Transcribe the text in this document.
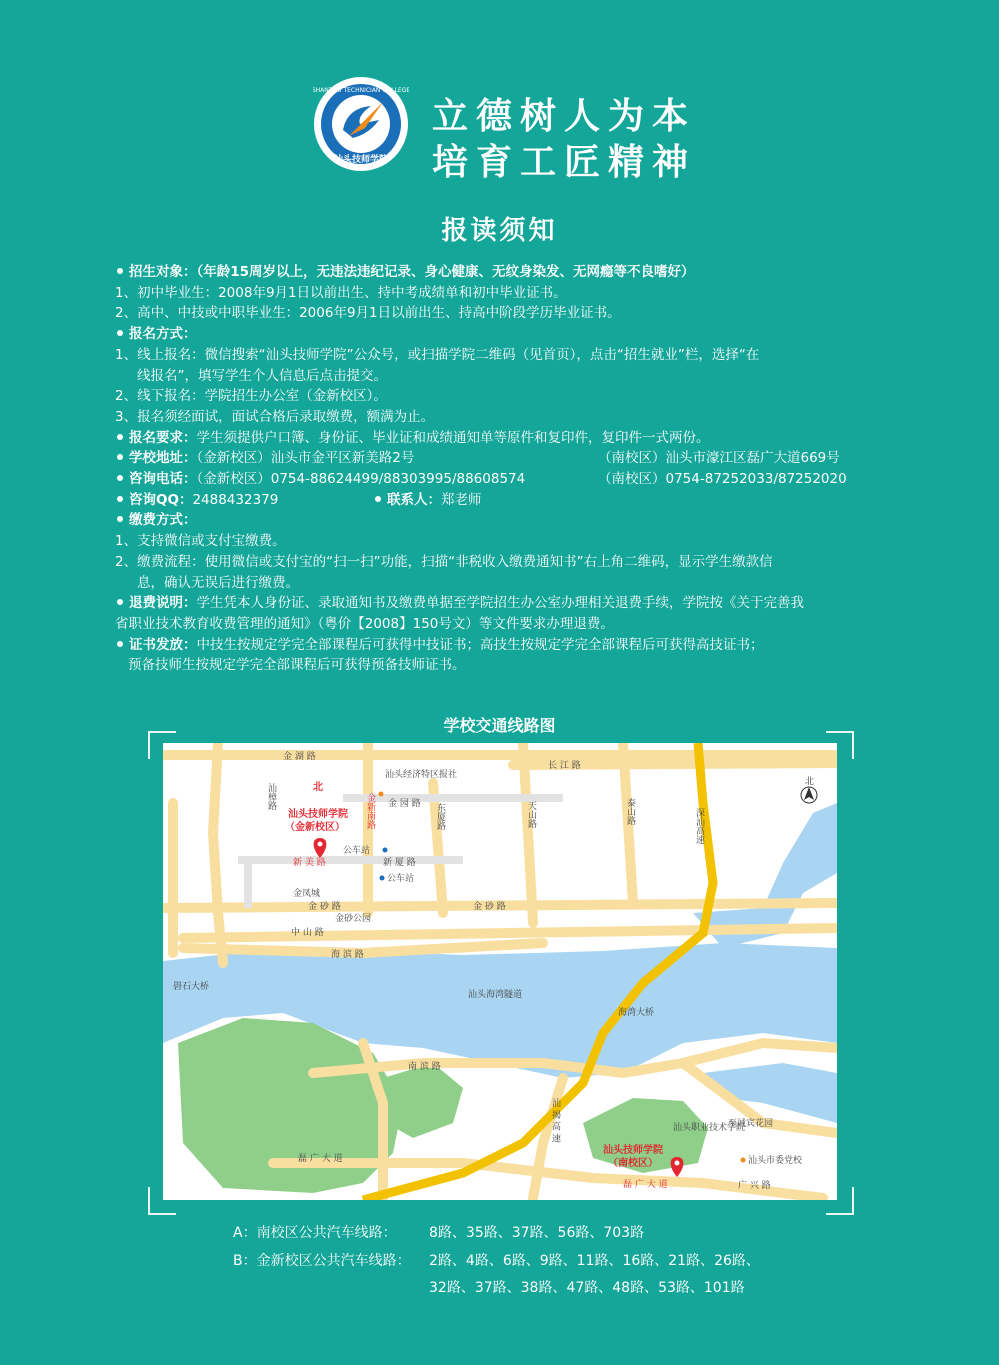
SHANTOU TECHNICIAN COLLEGE
汕头技师学院
1963
立德树人为本
培育工匠精神
报读须知
招生对象：（年龄15周岁以上，无违法违纪记录、身心健康、无纹身染发、无网瘾等不良嗜好）
1、初中毕业生：2008年9月1日以前出生、持中考成绩单和初中毕业证书。
2、高中、中技或中职毕业生：2006年9月1日以前出生、持高中阶段学历毕业证书。
报名方式：
1、线上报名：微信搜索“汕头技师学院”公众号，或扫描学院二维码（见首页），点击“招生就业”栏，选择“在
线报名”，填写学生个人信息后点击提交。
2、线下报名：学院招生办公室（金新校区）。
3、报名须经面试，面试合格后录取缴费，额满为止。
报名要求：学生须提供户口簿、身份证、毕业证和成绩通知单等原件和复印件，复印件一式两份。
学校地址：（金新校区）汕头市金平区新美路2号	（南校区）汕头市濠江区磊广大道669号
咨询电话：（金新校区）0754-88624499/88303995/88608574	（南校区）0754-87252033/87252020
咨询QQ：2488432379	联系人：郑老师
缴费方式：
1、支持微信或支付宝缴费。
2、缴费流程：使用微信或支付宝的“扫一扫”功能，扫描“非税收入缴费通知书”右上角二维码，显示学生缴款信
息，确认无误后进行缴费。
退费说明：学生凭本人身份证、录取通知书及缴费单据至学院招生办公室办理相关退费手续，学院按《关于完善我
省职业技术教育收费管理的通知》（粤价【2008】150号文）等文件要求办理退费。
证书发放：中技生按规定学完全部课程后可获得中技证书；高技生按规定学完全部课程后可获得高技证书；
预备技师生按规定学完全部课程后可获得预备技师证书。
学校交通线路图
金 湖 路
长 江 路
汕头经济特区报社
金 园 路
新 美 路	新 厦 路
公车站
公车站
金凤城
金 砂 路	金 砂 路
金砂公园
中 山 路
海 滨 路
礐石大桥
汕头海湾隧道
海湾大桥
南 滨 路
磊 广 大 道
磊 广 大 道
汕头职业技术学院
至诚宾花园
汕头市委党校
广 兴 路
北
汕樟路	金新南路	东厦路	天山路	泰山路	深汕高速
汕 揭 高 速
北
汕头技师学院
（金新校区）
汕头技师学院
（南校区）
A：南校区公共汽车线路： 8路、35路、37路、56路、703路
B：金新校区公共汽车线路： 2路、4路、6路、9路、11路、16路、21路、26路、
32路、37路、38路、47路、48路、53路、101路
